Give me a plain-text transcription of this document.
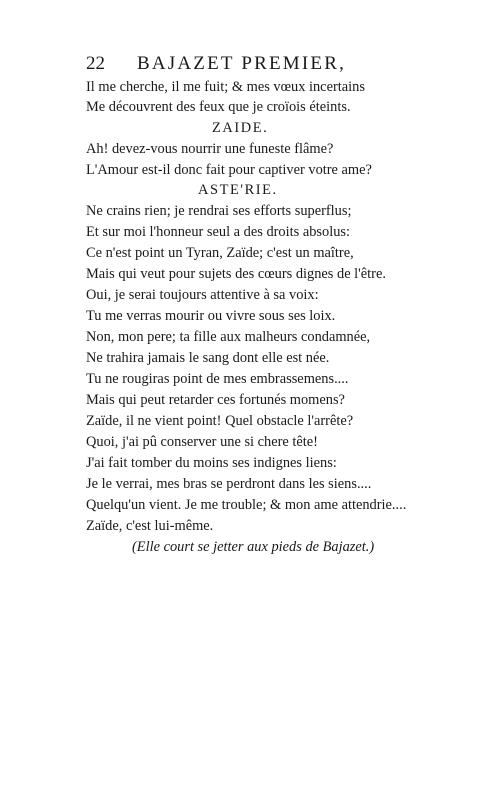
22 BAJAZET PREMIER,
Il me cherche, il me fuit; & mes vœux incertains
Me découvrent des feux que je croïois éteints.
ZAIDE.
Ah! devez-vous nourrir une funeste flâme?
L'Amour est-il donc fait pour captiver votre ame?
ASTE'RIE.
Ne crains rien; je rendrai ses efforts superflus;
Et sur moi l'honneur seul a des droits absolus:
Ce n'est point un Tyran, Zaïde; c'est un maître,
Mais qui veut pour sujets des cœurs dignes de l'être.
Oui, je serai toujours attentive à sa voix:
Tu me verras mourir ou vivre sous ses loix.
Non, mon pere; ta fille aux malheurs condamnée,
Ne trahira jamais le sang dont elle est née.
Tu ne rougiras point de mes embrassemens....
Mais qui peut retarder ces fortunés momens?
Zaïde, il ne vient point! Quel obstacle l'arrête?
Quoi, j'ai pû conserver une si chere tête!
J'ai fait tomber du moins ses indignes liens:
Je le verrai, mes bras se perdront dans les siens....
Quelqu'un vient. Je me trouble; & mon ame attendrie....
Zaïde, c'est lui-même.
(Elle court se jetter aux pieds de Bajazet.)
